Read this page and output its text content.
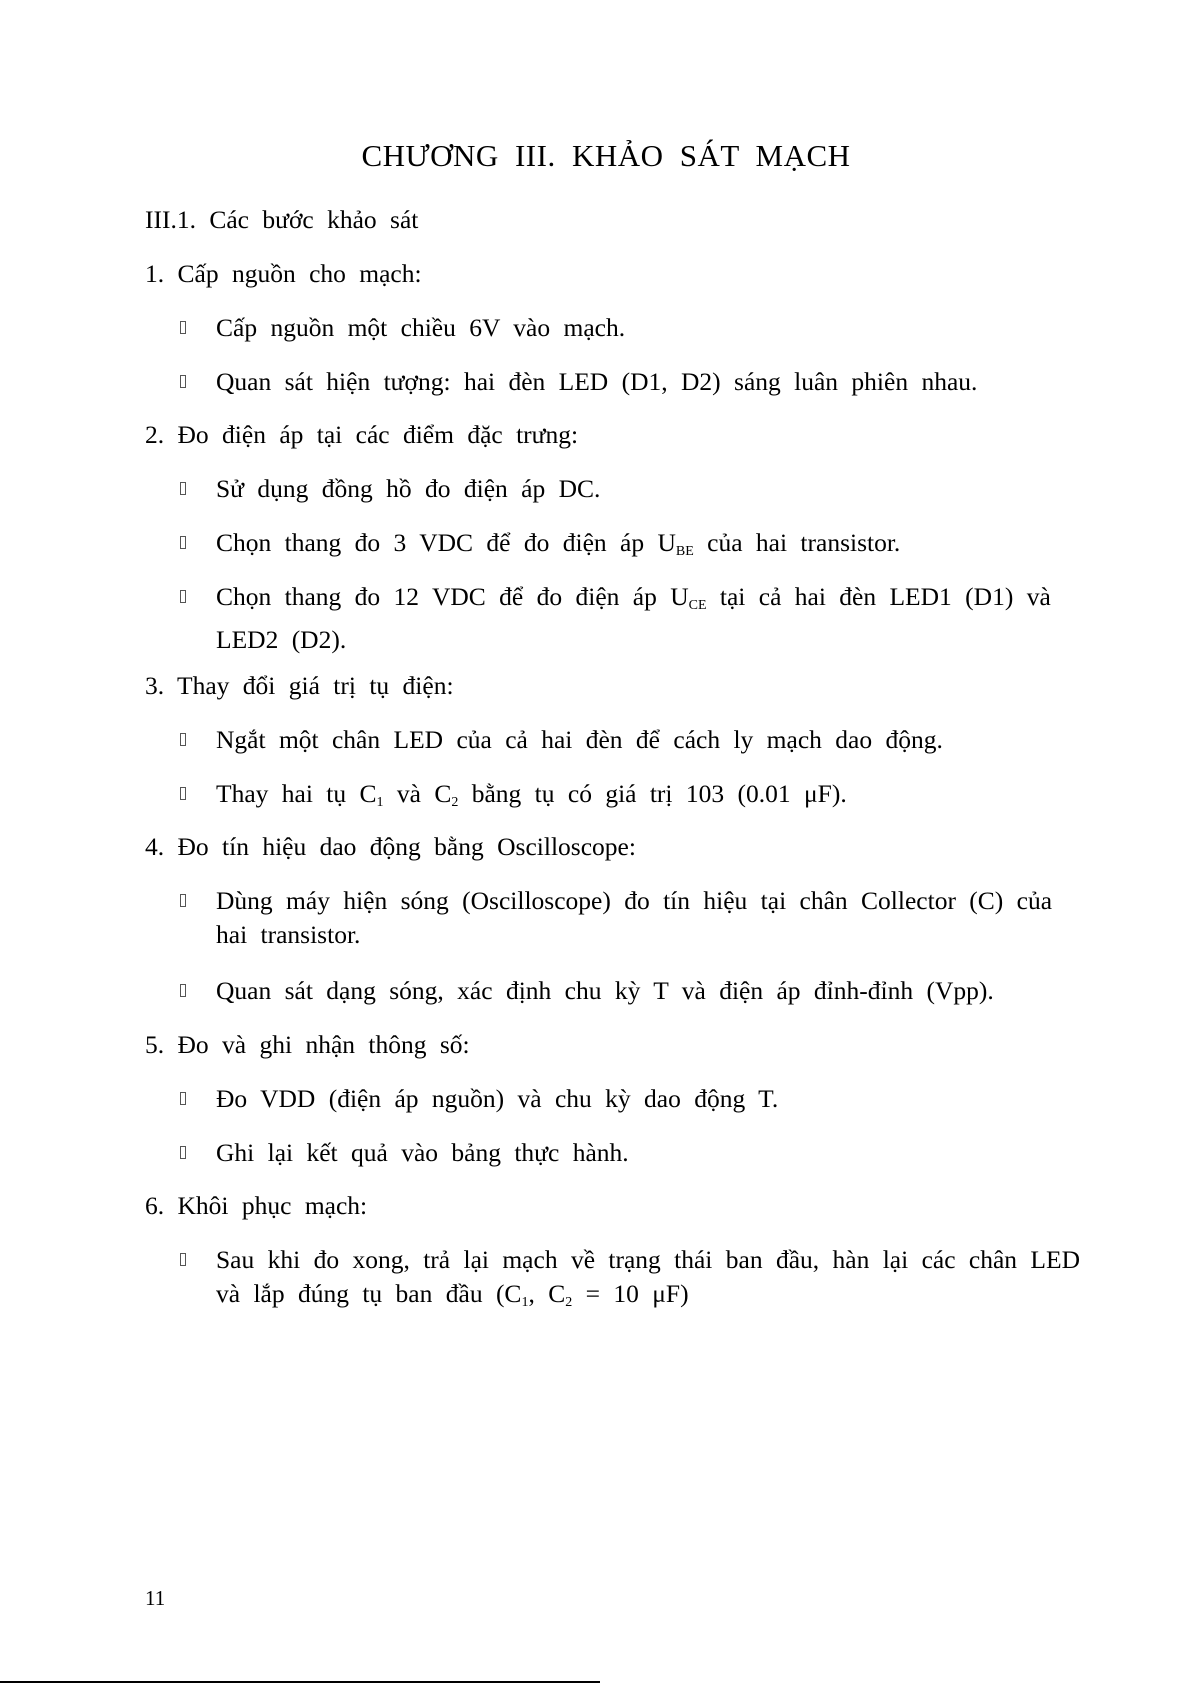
CHƯƠNG III. KHẢO SÁT MẠCH
III.1. Các bước khảo sát
1. Cấp nguồn cho mạch:
Cấp nguồn một chiều 6V vào mạch.
Quan sát hiện tượng: hai đèn LED (D1, D2) sáng luân phiên nhau.
2. Đo điện áp tại các điểm đặc trưng:
Sử dụng đồng hồ đo điện áp DC.
Chọn thang đo 3 VDC để đo điện áp $U_{BE}$ của hai transistor.
Chọn thang đo 12 VDC để đo điện áp $U_{CE}$ tại cả hai đèn LED1 (D1) và
LED2 (D2).
3. Thay đổi giá trị tụ điện:
Ngắt một chân LED của cả hai đèn để cách ly mạch dao động.
Thay hai tụ $C_1$ và $C_2$ bằng tụ có giá trị 103 (0.01 μF).
4. Đo tín hiệu dao động bằng Oscilloscope:
Dùng máy hiện sóng (Oscilloscope) đo tín hiệu tại chân Collector (C) của
hai transistor.
Quan sát dạng sóng, xác định chu kỳ T và điện áp đỉnh-đỉnh (Vpp).
5. Đo và ghi nhận thông số:
Đo VDD (điện áp nguồn) và chu kỳ dao động T.
Ghi lại kết quả vào bảng thực hành.
6. Khôi phục mạch:
Sau khi đo xong, trả lại mạch về trạng thái ban đầu, hàn lại các chân LED
và lắp đúng tụ ban đầu ($C_1$, $C_2 = 10$ μF)
11
